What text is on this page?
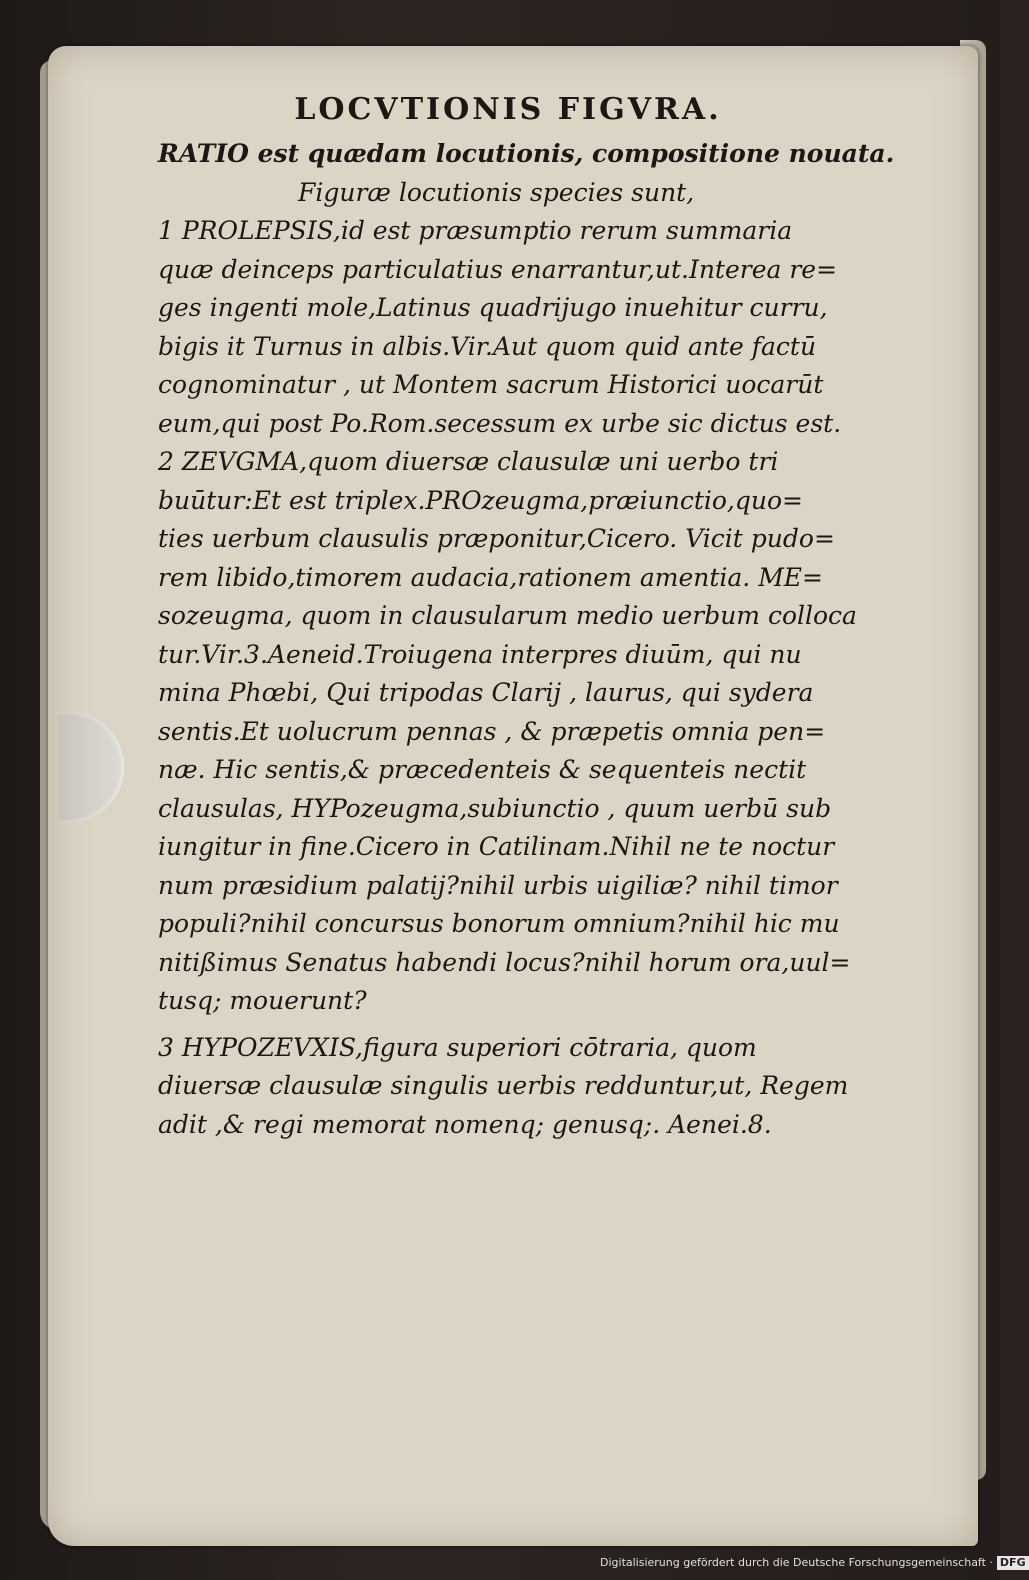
LOCVTIONIS FIGVRA.
RATIO est quædam locutionis, compositione nouata.
Figuræ locutionis species sunt,
1 PROLEPSIS,id est præsumptio rerum summaria
quæ deinceps particulatius enarrantur,ut.Interea re=
ges ingenti mole,Latinus quadrijugo inuehitur curru,
bigis it Turnus in albis.Vir.Aut quom quid ante factū
cognominatur , ut Montem sacrum Historici uocarūt
eum,qui post Po.Rom.secessum ex urbe sic dictus est.
2 ZEVGMA,quom diuersæ clausulæ uni uerbo tri
buūtur:Et est triplex.PROzeugma,præiunctio,quo=
ties uerbum clausulis præponitur,Cicero. Vicit pudo=
rem libido,timorem audacia,rationem amentia. ME=
sozeugma, quom in clausularum medio uerbum colloca
tur.Vir.3.Aeneid.Troiugena interpres diuūm, qui nu
mina Phœbi, Qui tripodas Clarij , laurus, qui sydera
sentis.Et uolucrum pennas , & præpetis omnia pen=
næ. Hic sentis,& præcedenteis & sequenteis nectit
clausulas, HYPozeugma,subiunctio , quum uerbū sub
iungitur in fine.Cicero in Catilinam.Nihil ne te noctur
num præsidium palatij?nihil urbis uigiliæ? nihil timor
populi?nihil concursus bonorum omnium?nihil hic mu
nitißimus Senatus habendi locus?nihil horum ora,uul=
tusq; mouerunt?
3 HYPOZEVXIS,figura superiori cōtraria, quom
diuersæ clausulæ singulis uerbis redduntur,ut, Regem
adit ,& regi memorat nomenq; genusq;. Aenei.8.
Digitalisierung gefördert durch die Deutsche Forschungsgemeinschaft · DFG
